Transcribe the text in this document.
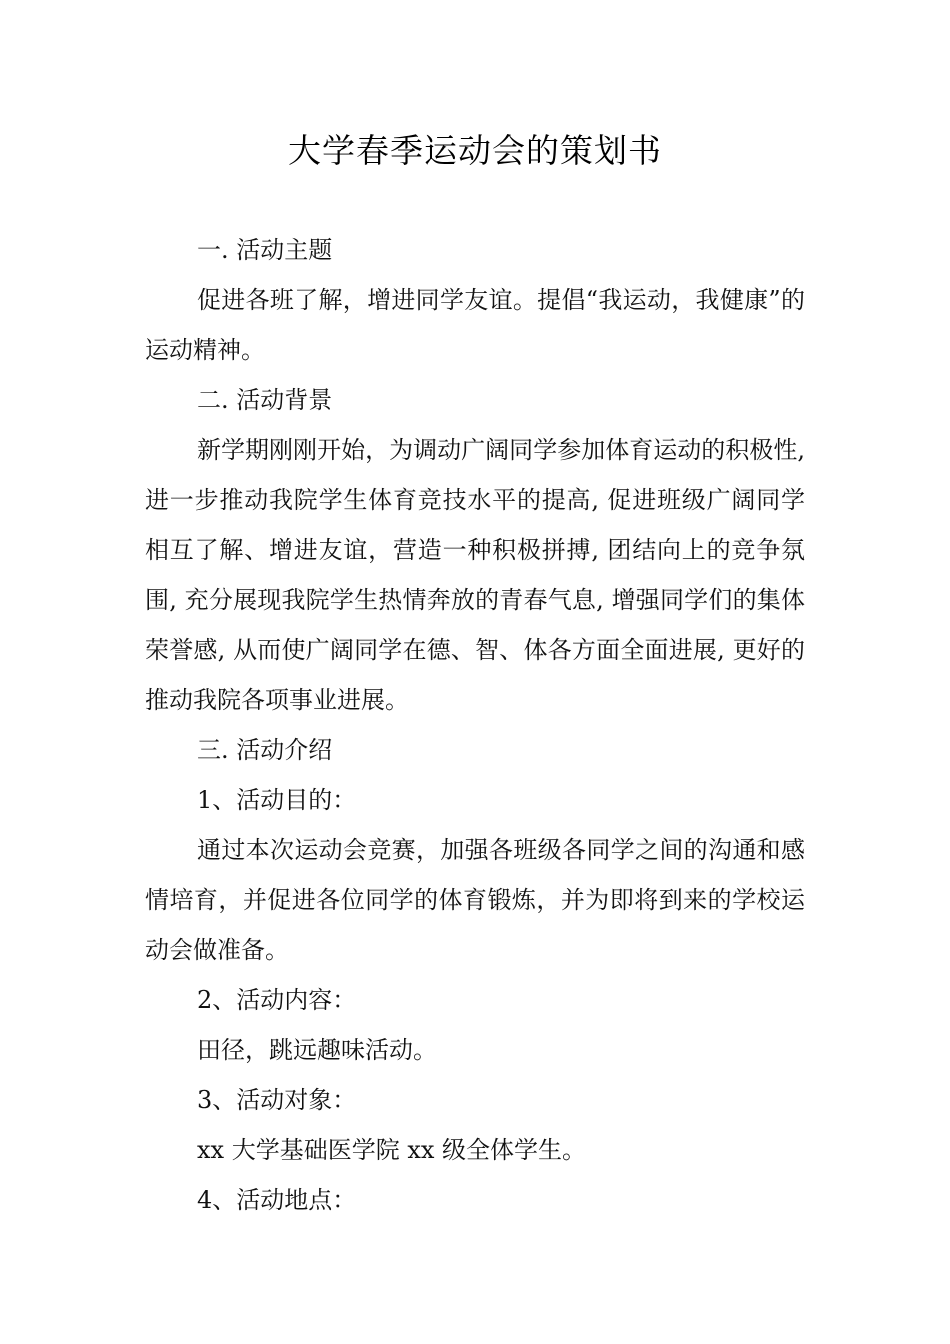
大学春季运动会的策划书

一. 活动主题

促进各班了解，增进同学友谊。提倡“我运动，我健康”的运动精神。

二. 活动背景

新学期刚刚开始，为调动广阔同学参加体育运动的积极性, 进一步推动我院学生体育竞技水平的提高, 促进班级广阔同学相互了解、增进友谊，营造一种积极拼搏, 团结向上的竞争氛围, 充分展现我院学生热情奔放的青春气息, 增强同学们的集体荣誉感, 从而使广阔同学在德、智、体各方面全面进展, 更好的推动我院各项事业进展。

三. 活动介绍

1、活动目的：

通过本次运动会竞赛，加强各班级各同学之间的沟通和感情培育，并促进各位同学的体育锻炼，并为即将到来的学校运动会做准备。

2、活动内容：

田径，跳远趣味活动。

3、活动对象：

xx 大学基础医学院 xx 级全体学生。

4、活动地点：
